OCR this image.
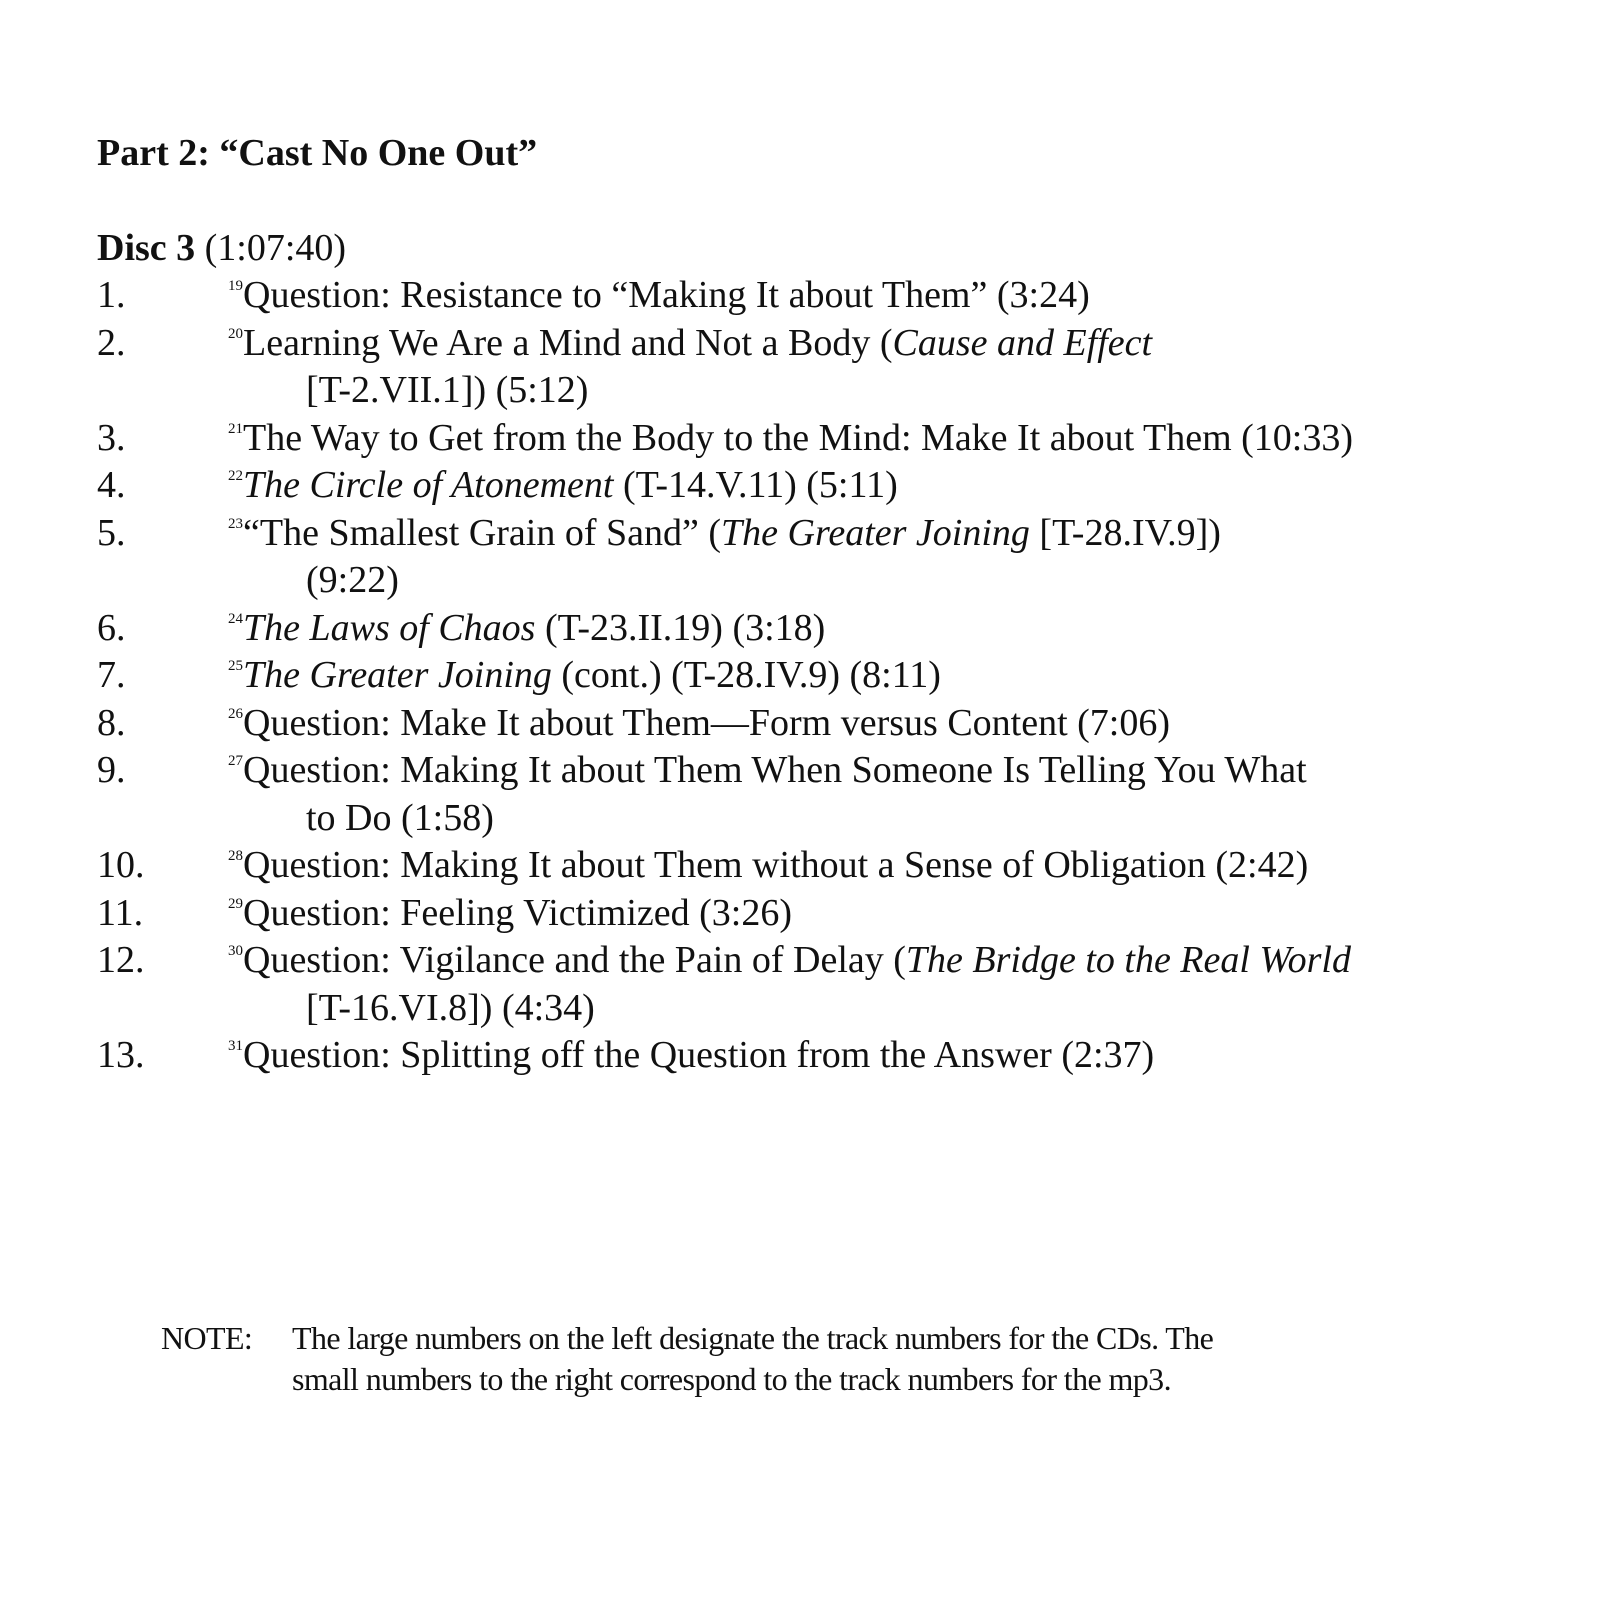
Part 2: “Cast No One Out”
Disc 3 (1:07:40)
1.	$^{19}$Question: Resistance to “Making It about Them” (3:24)
2.	$^{20}$Learning We Are a Mind and Not a Body (Cause and Effect
[T-2.VII.1]) (5:12)
3.	$^{21}$The Way to Get from the Body to the Mind: Make It about Them (10:33)
4.	$^{22}$The Circle of Atonement (T-14.V.11) (5:11)
5.	$^{23}$“The Smallest Grain of Sand” (The Greater Joining [T-28.IV.9])
(9:22)
6.	$^{24}$The Laws of Chaos (T-23.II.19) (3:18)
7.	$^{25}$The Greater Joining (cont.) (T-28.IV.9) (8:11)
8.	$^{26}$Question: Make It about Them—Form versus Content (7:06)
9.	$^{27}$Question: Making It about Them When Someone Is Telling You What
to Do (1:58)
10.	$^{28}$Question: Making It about Them without a Sense of Obligation (2:42)
11.	$^{29}$Question: Feeling Victimized (3:26)
12.	$^{30}$Question: Vigilance and the Pain of Delay (The Bridge to the Real World
[T-16.VI.8]) (4:34)
13.	$^{31}$Question: Splitting off the Question from the Answer (2:37)
NOTE: The large numbers on the left designate the track numbers for the CDs. The
small numbers to the right correspond to the track numbers for the mp3.
